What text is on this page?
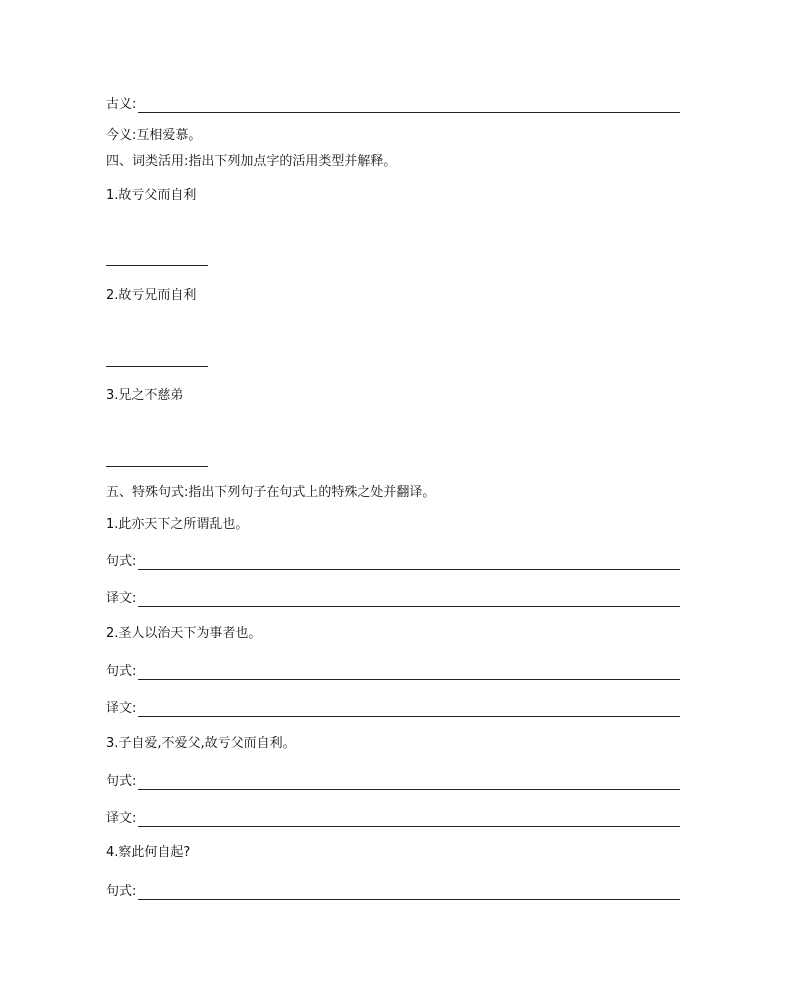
古义:
今义:互相爱慕。
四、词类活用:指出下列加点字的活用类型并解释。
1.故亏父而自利
2.故亏兄而自利
3.兄之不慈弟
五、特殊句式:指出下列句子在句式上的特殊之处并翻译。
1.此亦天下之所谓乱也。
句式:
译文:
2.圣人以治天下为事者也。
句式:
译文:
3.子自爱,不爱父,故亏父而自利。
句式:
译文:
4.察此何自起?
句式:
